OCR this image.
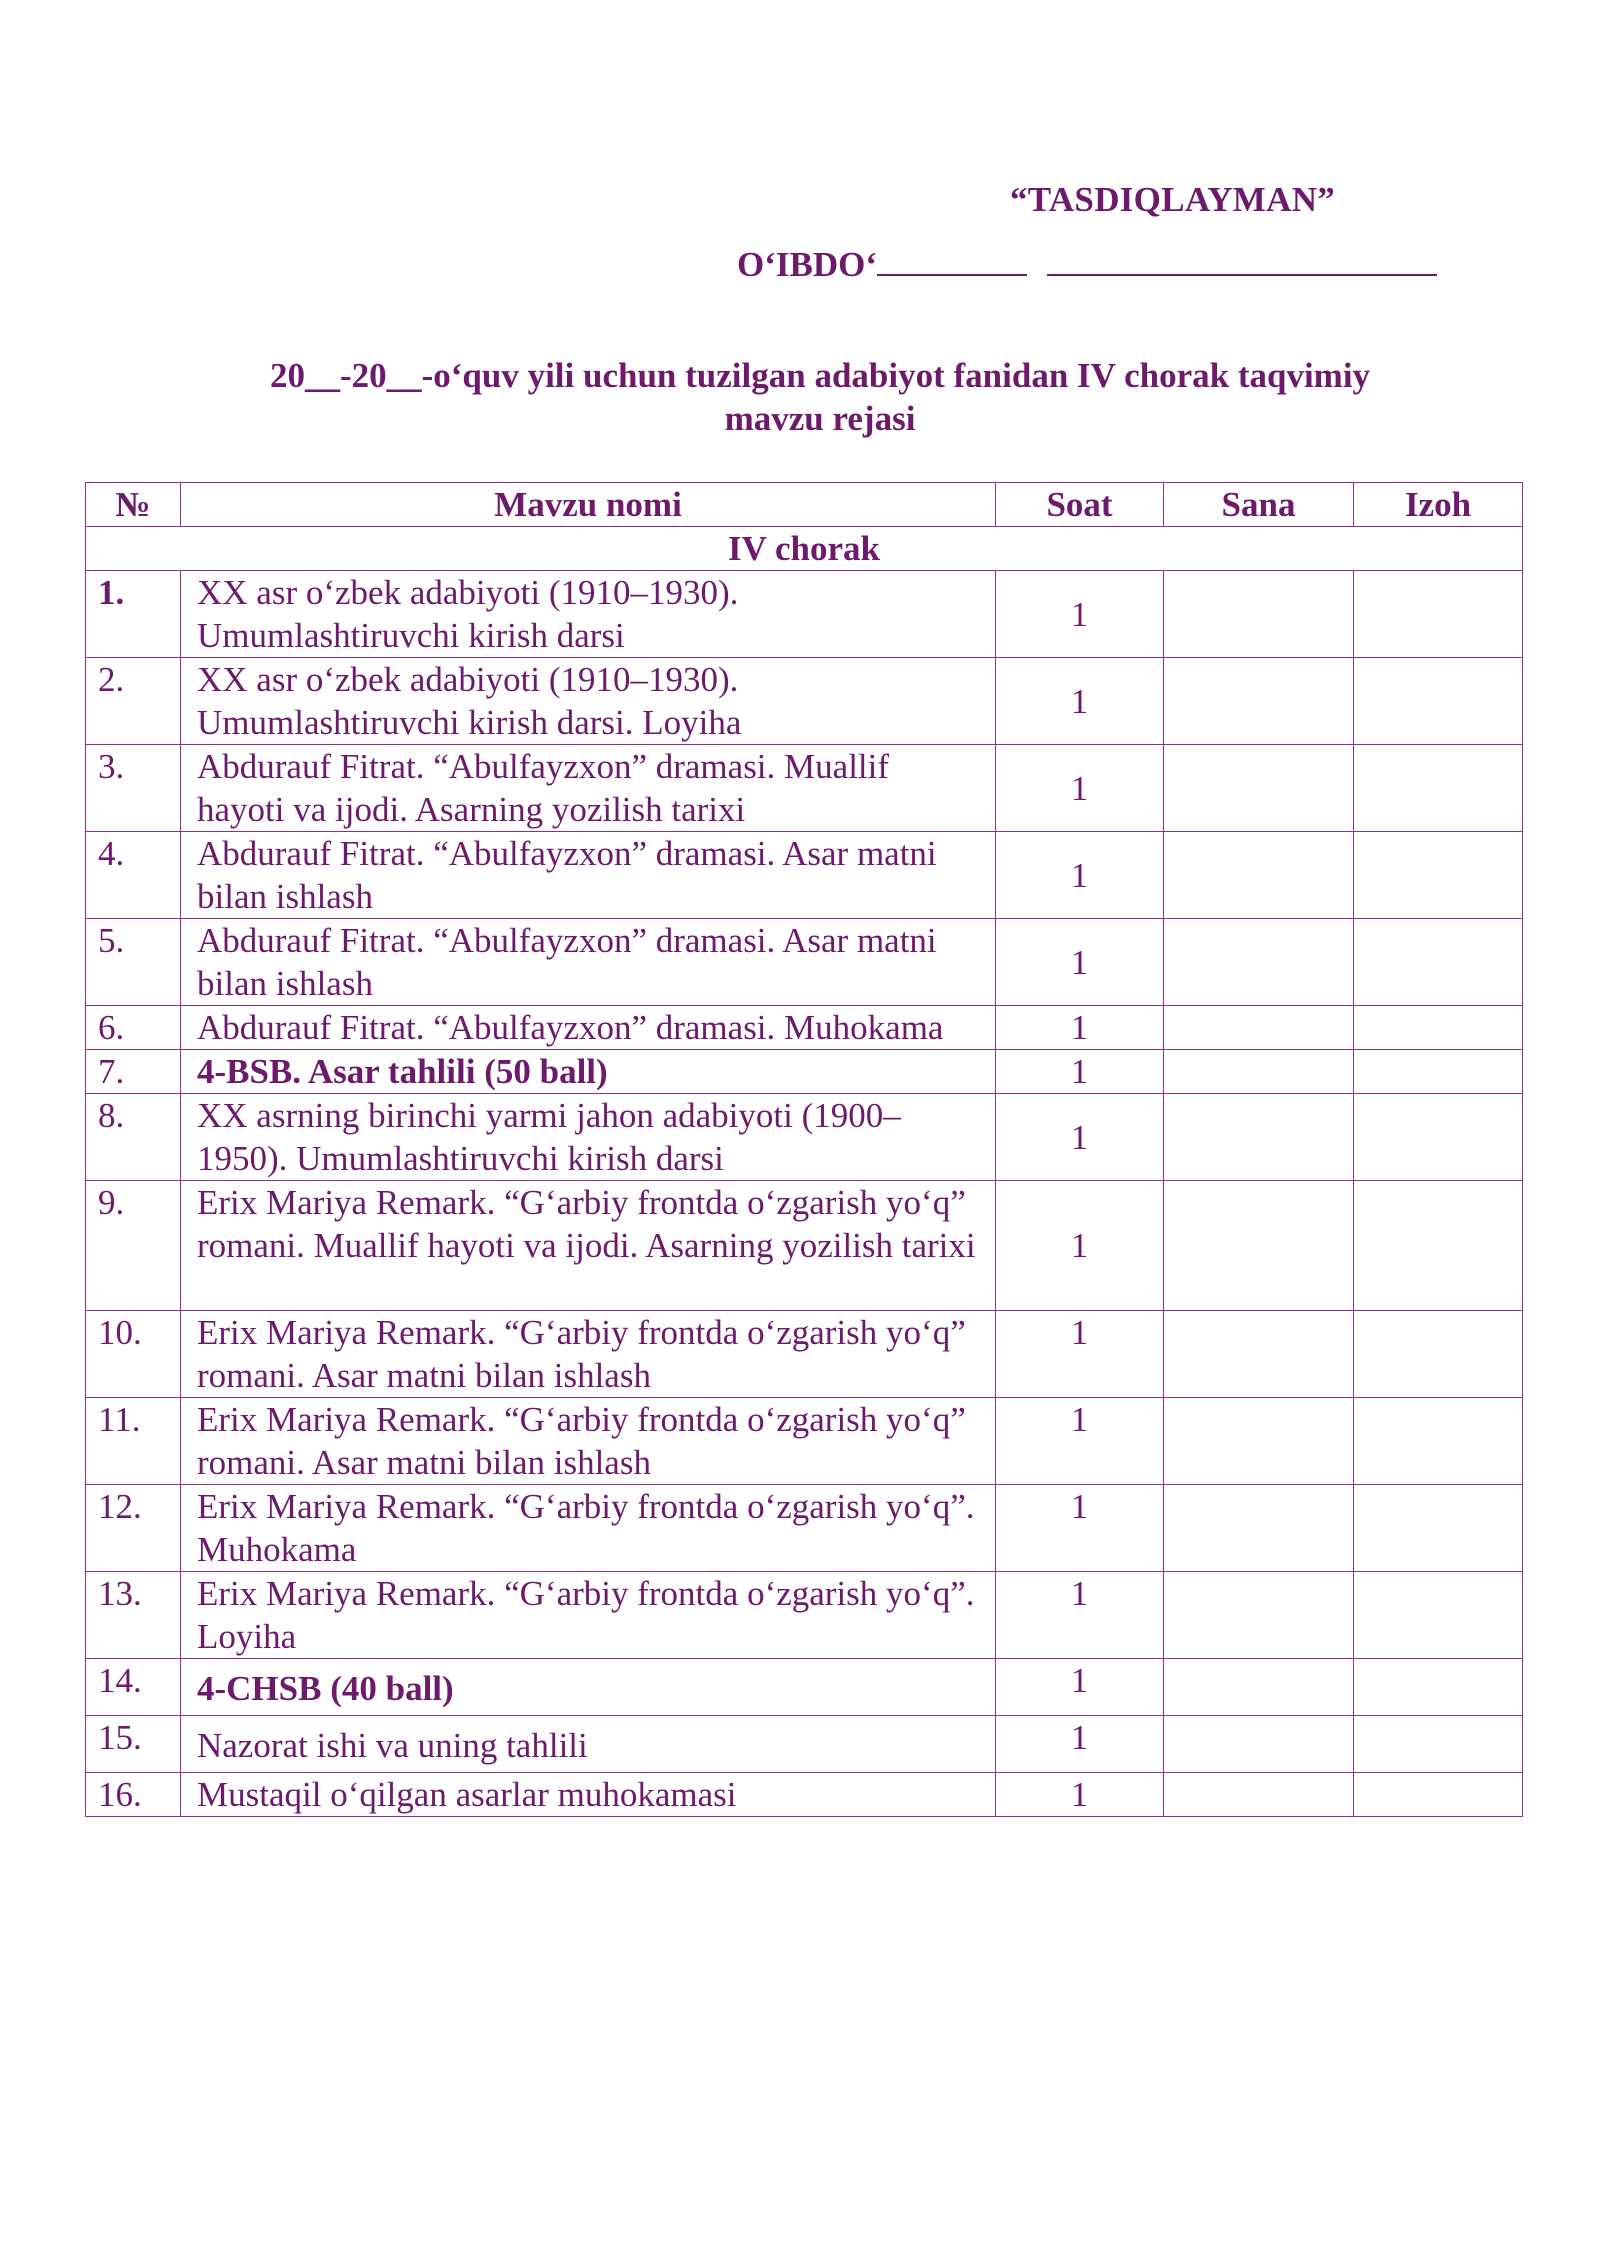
“TASDIQLAYMAN”
O‘IBDO‘
20__-20__-o‘quv yili uchun tuzilgan adabiyot fanidan IV chorak taqvimiy
mavzu rejasi
№	Mavzu nomi	Soat	Sana	Izoh
IV chorak				
1.	XX asr o‘zbek adabiyoti (1910–1930). Umumlashtiruvchi kirish darsi	1		
2.	XX asr o‘zbek adabiyoti (1910–1930). Umumlashtiruvchi kirish darsi. Loyiha	1		
3.	Abdurauf Fitrat. “Abulfayzxon” dramasi. Muallif hayoti va ijodi. Asarning yozilish tarixi	1		
4.	Abdurauf Fitrat. “Abulfayzxon” dramasi. Asar matni bilan ishlash	1		
5.	Abdurauf Fitrat. “Abulfayzxon” dramasi. Asar matni bilan ishlash	1		
6.	Abdurauf Fitrat. “Abulfayzxon” dramasi. Muhokama	1		
7.	4-BSB. Asar tahlili (50 ball)	1		
8.	XX asrning birinchi yarmi jahon adabiyoti (1900–1950). Umumlashtiruvchi kirish darsi	1		
9.	Erix Mariya Remark. “G‘arbiy frontda o‘zgarish yo‘q” romani. Muallif hayoti va ijodi. Asarning yozilish tarixi	1		
10.	Erix Mariya Remark. “G‘arbiy frontda o‘zgarish yo‘q” romani. Asar matni bilan ishlash	1		
11.	Erix Mariya Remark. “G‘arbiy frontda o‘zgarish yo‘q” romani. Asar matni bilan ishlash	1		
12.	Erix Mariya Remark. “G‘arbiy frontda o‘zgarish yo‘q”. Muhokama	1		
13.	Erix Mariya Remark. “G‘arbiy frontda o‘zgarish yo‘q”. Loyiha	1		
14.	4-CHSB (40 ball)	1		
15.	Nazorat ishi va uning tahlili	1		
16.	Mustaqil o‘qilgan asarlar muhokamasi	1		
